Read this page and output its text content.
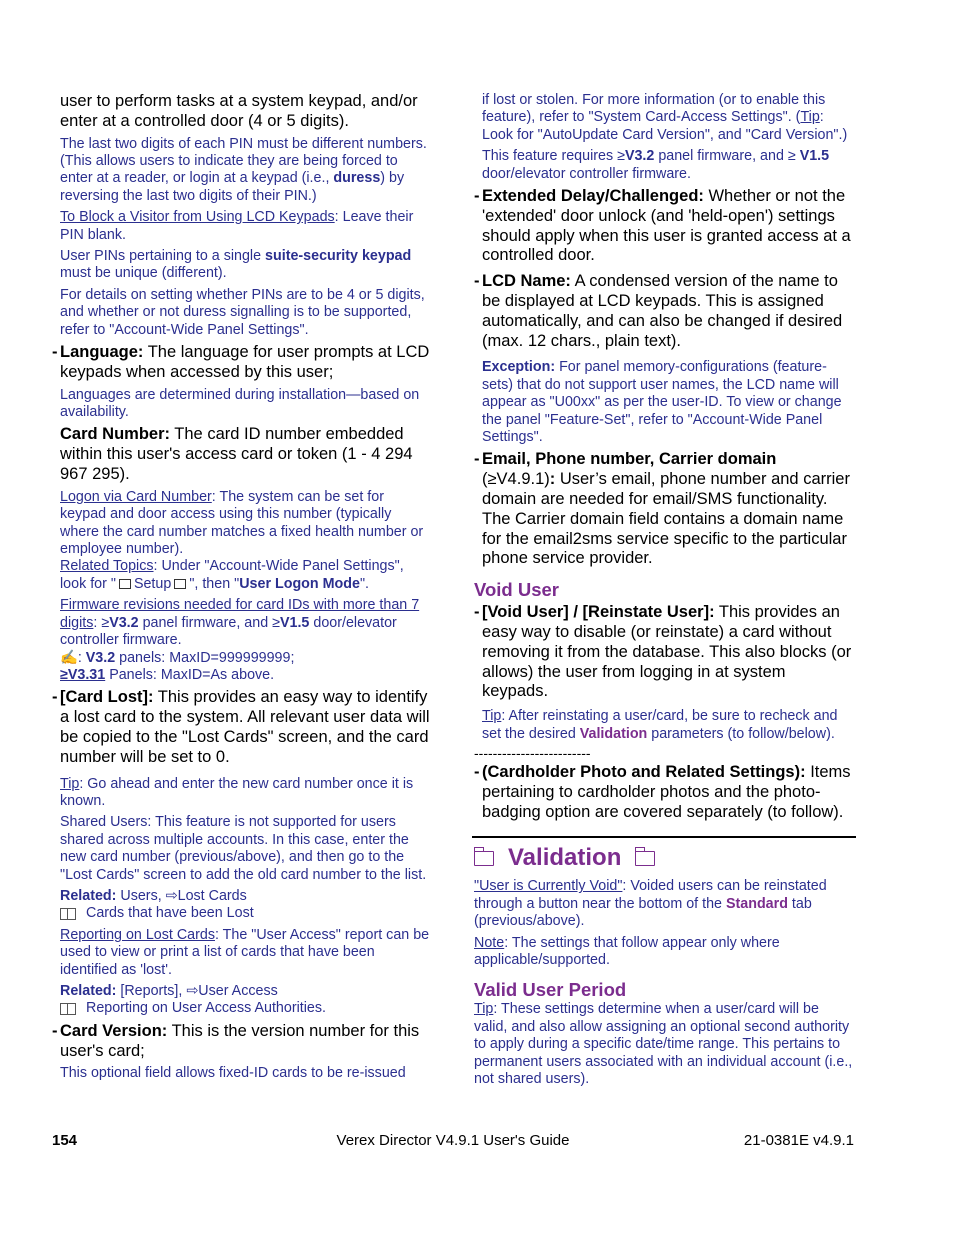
user to perform tasks at a system keypad, and/or enter at a controlled door (4 or 5 digits).
The last two digits of each PIN must be different numbers. (This allows users to indicate they are being forced to enter at a reader, or login at a keypad (i.e., duress) by reversing the last two digits of their PIN.)
To Block a Visitor from Using LCD Keypads: Leave their PIN blank.
User PINs pertaining to a single suite-security keypad must be unique (different).
For details on setting whether PINs are to be 4 or 5 digits, and whether or not duress signalling is to be supported, refer to "Account-Wide Panel Settings".
- Language: The language for user prompts at LCD keypads when accessed by this user;
Languages are determined during installation—based on availability.
Card Number: The card ID number embedded within this user's access card or token (1 - 4 294 967 295).
Logon via Card Number: The system can be set for keypad and door access using this number (typically where the card number matches a fixed health number or employee number).
Related Topics: Under "Account-Wide Panel Settings", look for " Setup ", then "User Logon Mode".
Firmware revisions needed for card IDs with more than 7 digits: ≥V3.2 panel firmware, and ≥V1.5 door/elevator controller firmware.
✍: V3.2 panels: MaxID=999999999;
≥V3.31 Panels: MaxID=As above.
- [Card Lost]: This provides an easy way to identify a lost card to the system. All relevant user data will be copied to the "Lost Cards" screen, and the card number will be set to 0.
Tip: Go ahead and enter the new card number once it is known.
Shared Users: This feature is not supported for users shared across multiple accounts. In this case, enter the new card number (previous/above), and then go to the "Lost Cards" screen to add the old card number to the list.
Related: Users, ⇨Lost Cards
Cards that have been Lost
Reporting on Lost Cards: The "User Access" report can be used to view or print a list of cards that have been identified as 'lost'.
Related: [Reports], ⇨User Access
Reporting on User Access Authorities.
- Card Version: This is the version number for this user's card;
This optional field allows fixed-ID cards to be re-issued
if lost or stolen. For more information (or to enable this feature), refer to "System Card-Access Settings". (Tip: Look for "AutoUpdate Card Version", and "Card Version".)
This feature requires ≥V3.2 panel firmware, and ≥ V1.5 door/elevator controller firmware.
- Extended Delay/Challenged: Whether or not the 'extended' door unlock (and 'held-open') settings should apply when this user is granted access at a controlled door.
- LCD Name: A condensed version of the name to be displayed at LCD keypads. This is assigned automatically, and can also be changed if desired (max. 12 chars., plain text).
Exception: For panel memory-configurations (feature-sets) that do not support user names, the LCD name will appear as "U00xx" as per the user-ID. To view or change the panel "Feature-Set", refer to "Account-Wide Panel Settings".
- Email, Phone number, Carrier domain
(≥V4.9.1): User’s email, phone number and carrier domain are needed for email/SMS functionality. The Carrier domain field contains a domain name for the email2sms service specific to the particular phone service provider.
Void User
- [Void User] / [Reinstate User]: This provides an easy way to disable (or reinstate) a card without removing it from the database. This also blocks (or allows) the user from logging in at system keypads.
Tip: After reinstating a user/card, be sure to recheck and set the desired Validation parameters (to follow/below).
-------------------------
- (Cardholder Photo and Related Settings): Items pertaining to cardholder photos and the photo-badging option are covered separately (to follow).
Validation
"User is Currently Void": Voided users can be reinstated through a button near the bottom of the Standard tab (previous/above).
Note: The settings that follow appear only where applicable/supported.
Valid User Period
Tip: These settings determine when a user/card will be valid, and also allow assigning an optional second authority to apply during a specific date/time range. This pertains to permanent users associated with an individual account (i.e., not shared users).
154	Verex Director V4.9.1 User's Guide	21-0381E v4.9.1
